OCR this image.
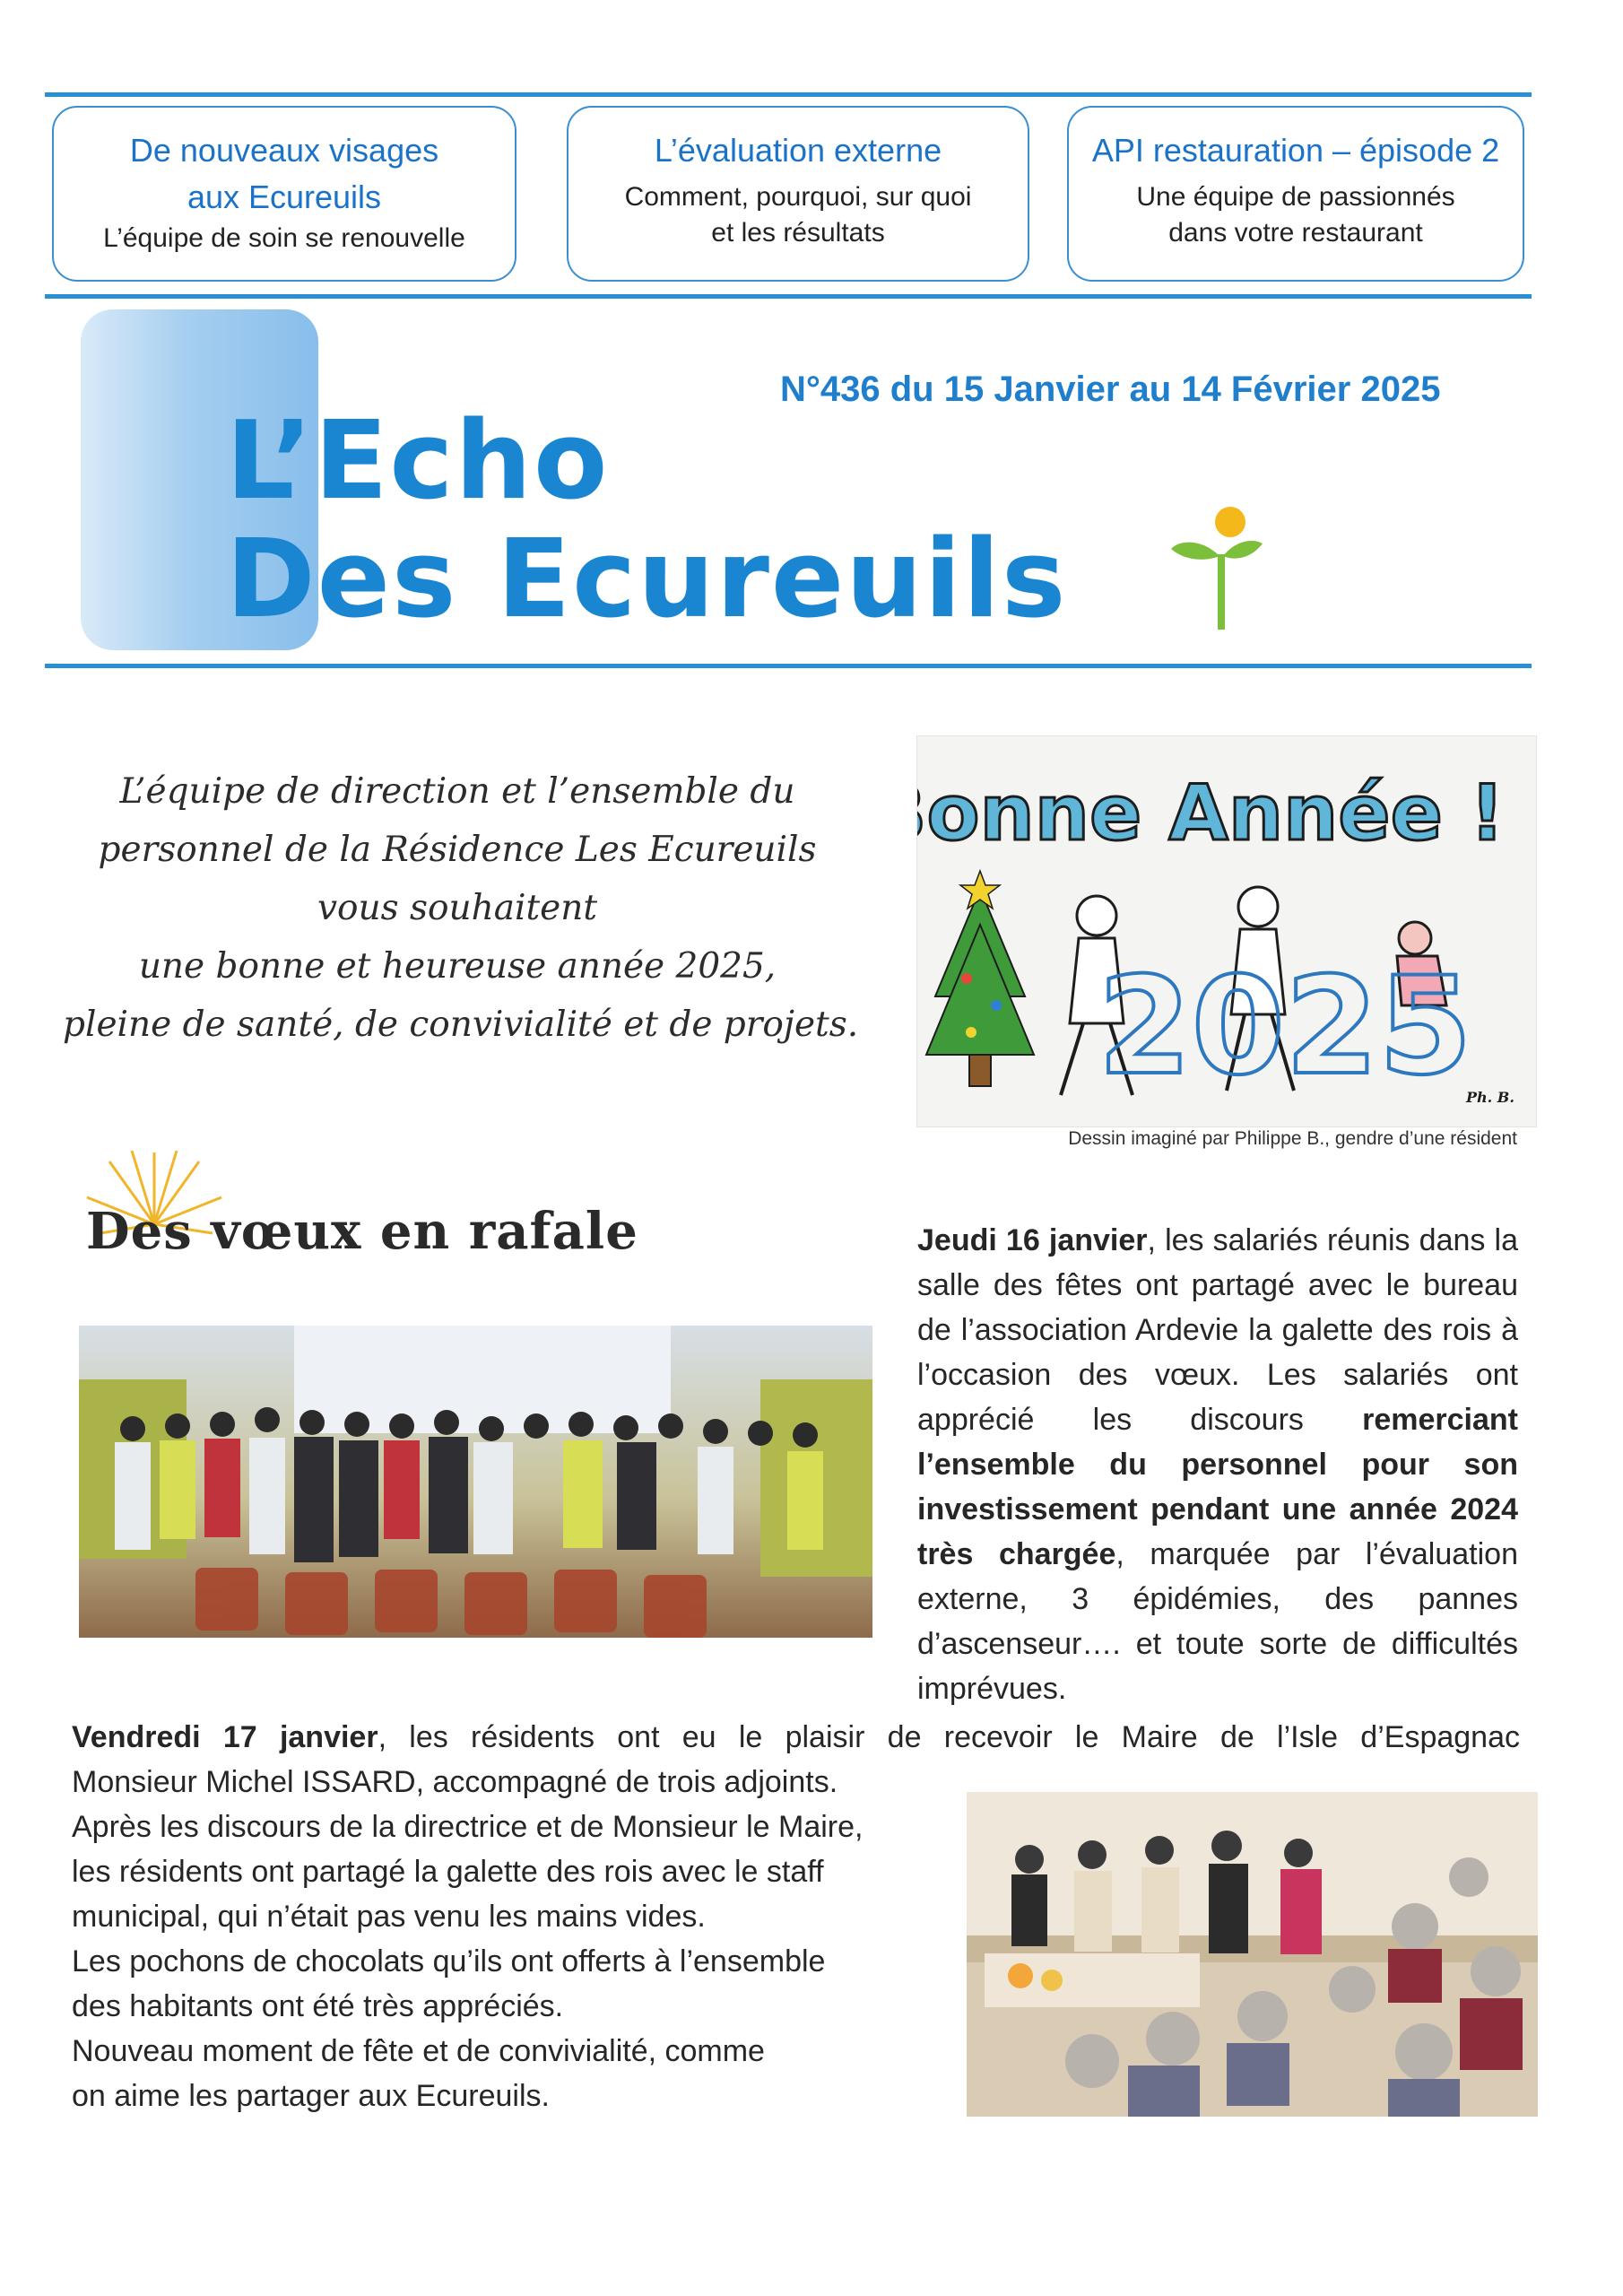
De nouveaux visages
aux Ecureuils
L’équipe de soin se renouvelle
L’évaluation externe
Comment, pourquoi, sur quoi
et les résultats
API restauration – épisode 2
Une équipe de passionnés
dans votre restaurant
N°436 du 15 Janvier au 14 Février 2025
L’Echo
Des Ecureuils
L’équipe de direction et l’ensemble du
personnel de la Résidence Les Ecureuils
vous souhaitent
une bonne et heureuse année 2025,
pleine de santé, de convivialité et de projets.
Bonne Année !
2025
Ph. B.
Dessin imaginé par Philippe B., gendre d’une résident
Des vœux en rafale	Jeudi 16 janvier, les salariés réunis dans la salle des fêtes ont partagé avec le bureau de l’association Ardevie la galette des rois à l’occasion des vœux. Les salariés ont apprécié les discours remerciant l’ensemble du personnel pour son investissement pendant une année 2024 très chargée, marquée par l’évaluation externe, 3 épidémies, des pannes d’ascenseur…. et toute sorte de difficultés imprévues.
Vendredi 17 janvier, les résidents ont eu le plaisir de recevoir le Maire de l’Isle d’Espagnac
Monsieur Michel ISSARD, accompagné de trois adjoints.
Après les discours de la directrice et de Monsieur le Maire,
les résidents ont partagé la galette des rois avec le staff
municipal, qui n’était pas venu les mains vides.
Les pochons de chocolats qu’ils ont offerts à l’ensemble
des habitants ont été très appréciés.
Nouveau moment de fête et de convivialité, comme
on aime les partager aux Ecureuils.
